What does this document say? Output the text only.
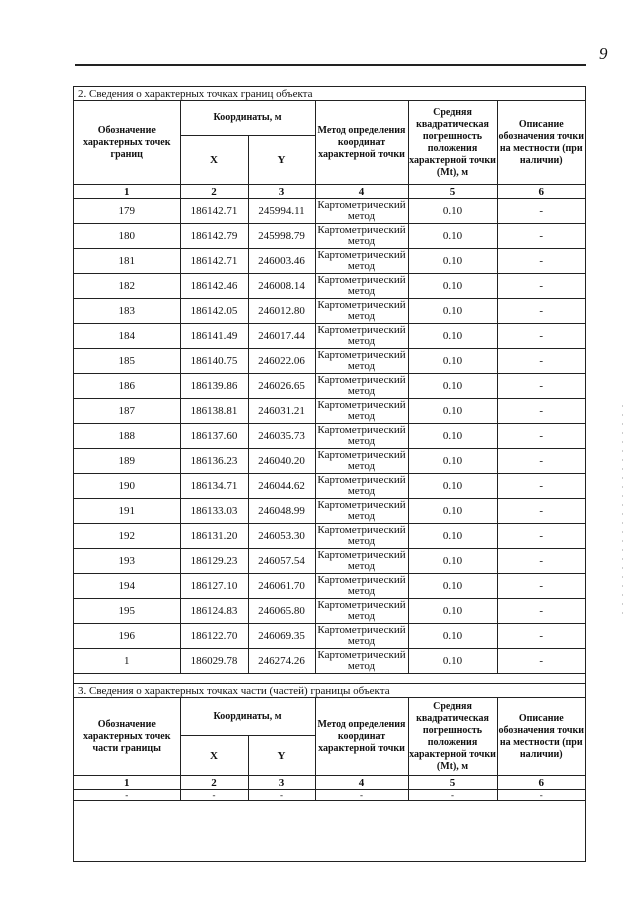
9
2. Сведения о характерных точках границ объекта					
Обозначение характерных точек границ	Координаты, м		Метод определения координат характерной точки	Средняя квадратическая погрешность положения характерной точки (Mt), м	Описание обозначения точки на местности (при наличии)
	X	Y			
1	2	3	4	5	6
179	186142.71	245994.11	Картометрический метод	0.10	-
180	186142.79	245998.79	Картометрический метод	0.10	-
181	186142.71	246003.46	Картометрический метод	0.10	-
182	186142.46	246008.14	Картометрический метод	0.10	-
183	186142.05	246012.80	Картометрический метод	0.10	-
184	186141.49	246017.44	Картометрический метод	0.10	-
185	186140.75	246022.06	Картометрический метод	0.10	-
186	186139.86	246026.65	Картометрический метод	0.10	-
187	186138.81	246031.21	Картометрический метод	0.10	-
188	186137.60	246035.73	Картометрический метод	0.10	-
189	186136.23	246040.20	Картометрический метод	0.10	-
190	186134.71	246044.62	Картометрический метод	0.10	-
191	186133.03	246048.99	Картометрический метод	0.10	-
192	186131.20	246053.30	Картометрический метод	0.10	-
193	186129.23	246057.54	Картометрический метод	0.10	-
194	186127.10	246061.70	Картометрический метод	0.10	-
195	186124.83	246065.80	Картометрический метод	0.10	-
196	186122.70	246069.35	Картометрический метод	0.10	-
1	186029.78	246274.26	Картометрический метод	0.10	-
3. Сведения о характерных точках части (частей) границы объекта					
Обозначение характерных точек части границы	Координаты, м		Метод определения координат характерной точки	Средняя квадратическая погрешность положения характерной точки (Mt), м	Описание обозначения точки на местности (при наличии)
	X	Y			
1	2	3	4	5	6
-	-	-	-	-	-
